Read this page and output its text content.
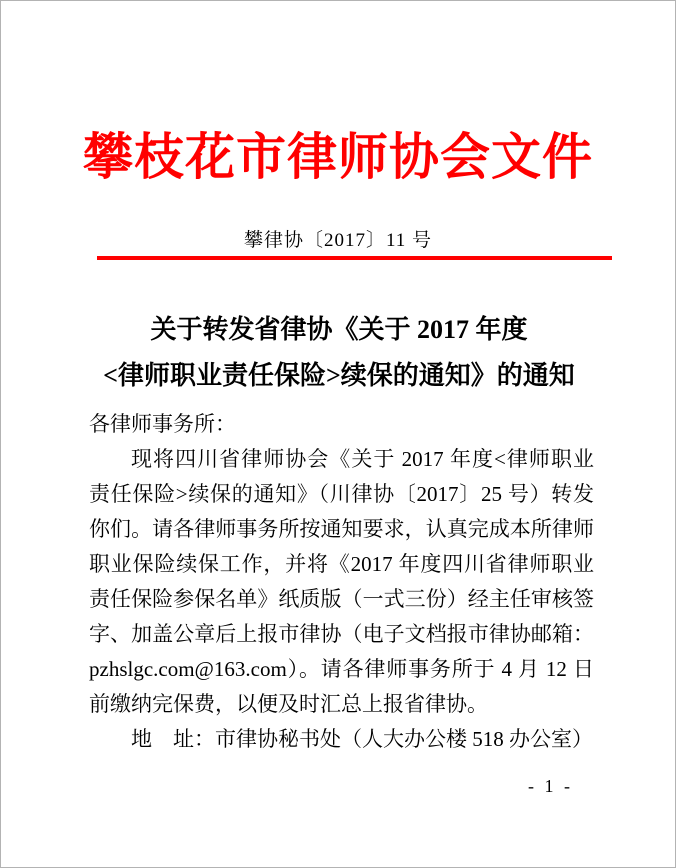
攀枝花市律师协会文件
攀律协〔2017〕11 号
关于转发省律协《关于 2017 年度
<律师职业责任保险>续保的通知》的通知

各律师事务所：

现将四川省律师协会《关于 2017 年度<律师职业责任保险>续保的通知》（川律协〔2017〕25 号）转发你们。请各律师事务所按通知要求，认真完成本所律师职业保险续保工作，并将《2017 年度四川省律师职业责任保险参保名单》纸质版（一式三份）经主任审核签字、加盖公章后上报市律协（电子文档报市律协邮箱：pzhslgc.com@163.com）。请各律师事务所于 4 月 12 日前缴纳完保费，以便及时汇总上报省律协。

地　址：市律协秘书处（人大办公楼 518 办公室）

- 1 -
